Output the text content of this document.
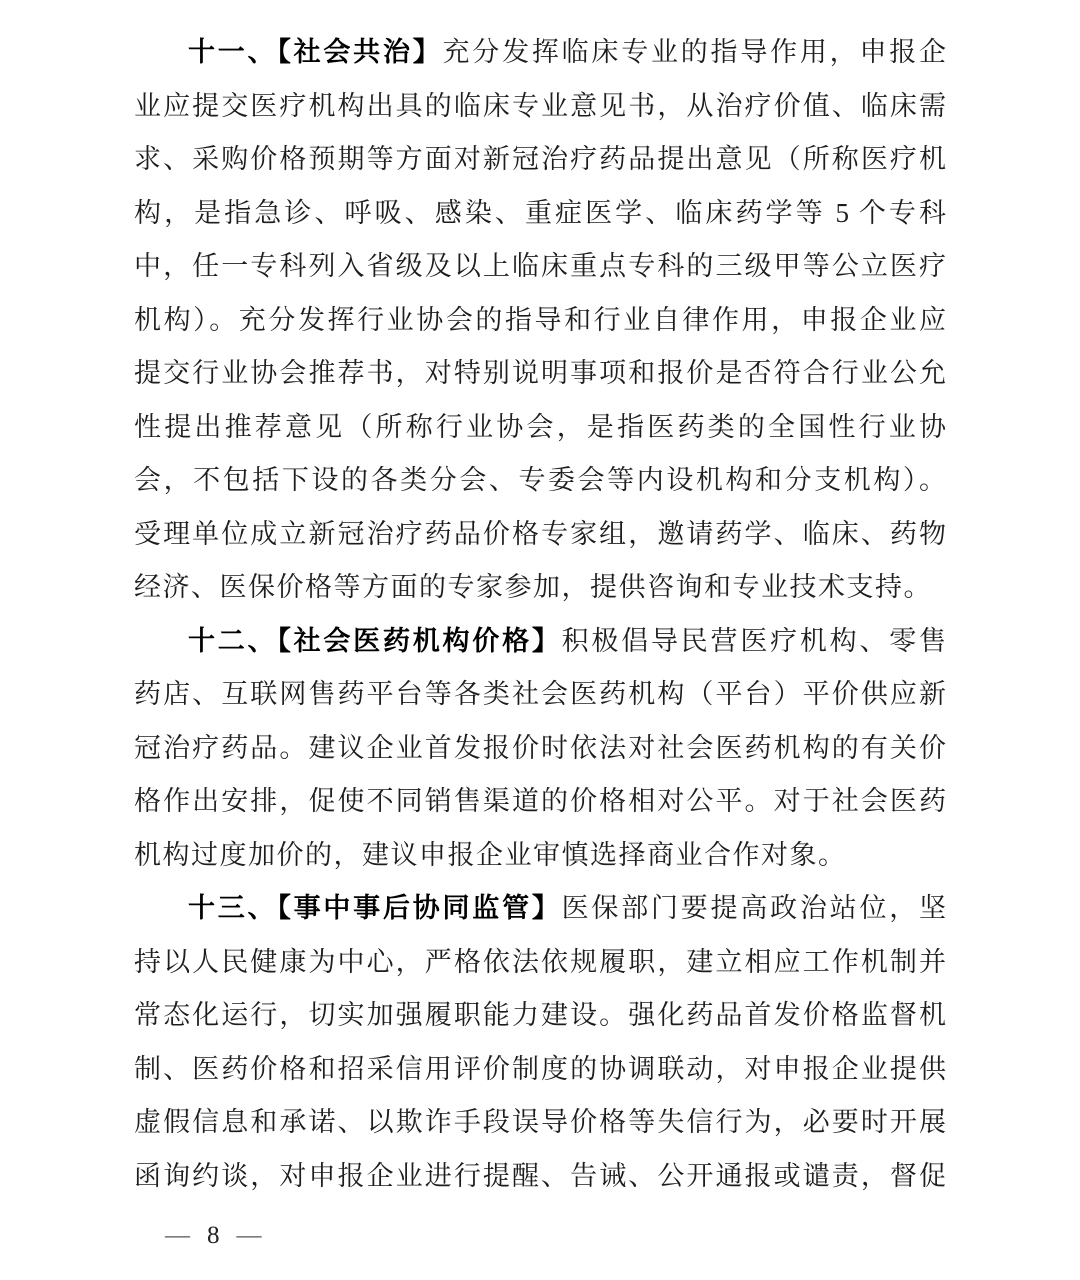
十一、【社会共治】充分发挥临床专业的指导作用，申报企
业应提交医疗机构出具的临床专业意见书，从治疗价值、临床需
求、采购价格预期等方面对新冠治疗药品提出意见（所称医疗机
构，是指急诊、呼吸、感染、重症医学、临床药学等 5 个专科
中，任一专科列入省级及以上临床重点专科的三级甲等公立医疗
机构）。充分发挥行业协会的指导和行业自律作用，申报企业应
提交行业协会推荐书，对特别说明事项和报价是否符合行业公允
性提出推荐意见（所称行业协会，是指医药类的全国性行业协
会，不包括下设的各类分会、专委会等内设机构和分支机构）。
受理单位成立新冠治疗药品价格专家组，邀请药学、临床、药物
经济、医保价格等方面的专家参加，提供咨询和专业技术支持。
十二、【社会医药机构价格】积极倡导民营医疗机构、零售
药店、互联网售药平台等各类社会医药机构（平台）平价供应新
冠治疗药品。建议企业首发报价时依法对社会医药机构的有关价
格作出安排，促使不同销售渠道的价格相对公平。对于社会医药
机构过度加价的，建议申报企业审慎选择商业合作对象。
十三、【事中事后协同监管】医保部门要提高政治站位，坚
持以人民健康为中心，严格依法依规履职，建立相应工作机制并
常态化运行，切实加强履职能力建设。强化药品首发价格监督机
制、医药价格和招采信用评价制度的协调联动，对申报企业提供
虚假信息和承诺、以欺诈手段误导价格等失信行为，必要时开展
函询约谈，对申报企业进行提醒、告诫、公开通报或谴责，督促
— 8 —
